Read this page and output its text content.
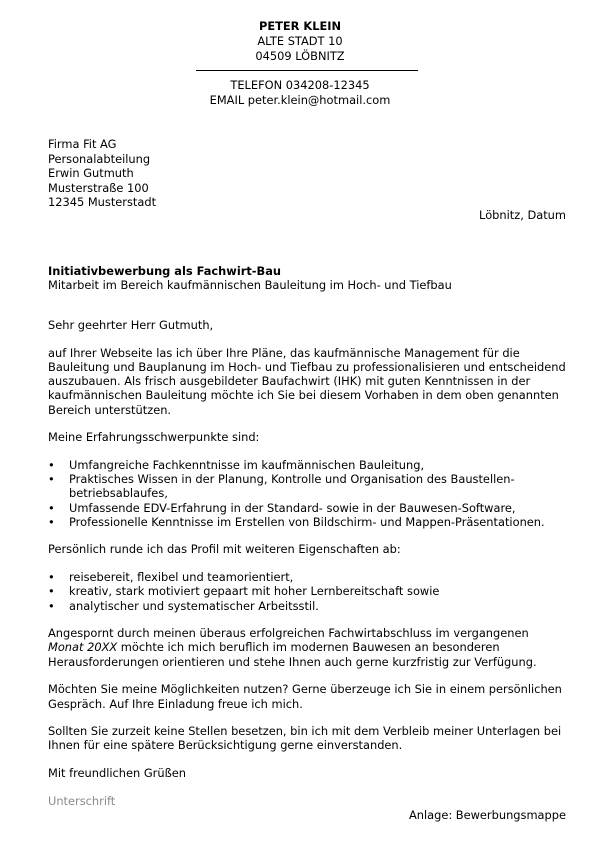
PETER KLEIN
ALTE STADT 10
04509 LÖBNITZ
TELEFON 034208-12345
EMAIL peter.klein@hotmail.com
Firma Fit AG
Personalabteilung
Erwin Gutmuth
Musterstraße 100
12345 Musterstadt
Löbnitz, Datum
Initiativbewerbung als Fachwirt-Bau
Mitarbeit im Bereich kaufmännischen Bauleitung im Hoch- und Tiefbau

Sehr geehrter Herr Gutmuth,

auf Ihrer Webseite las ich über Ihre Pläne, das kaufmännische Management für die Bauleitung und Bauplanung im Hoch- und Tiefbau zu professionalisieren und entscheidend auszubauen. Als frisch ausgebildeter Baufachwirt (IHK) mit guten Kenntnissen in der kaufmännischen Bauleitung möchte ich Sie bei diesem Vorhaben in dem oben genannten Bereich unterstützen.

Meine Erfahrungsschwerpunkte sind:

• Umfangreiche Fachkenntnisse im kaufmännischen Bauleitung,
• Praktisches Wissen in der Planung, Kontrolle und Organisation des Baustellen-betriebsablaufes,
• Umfassende EDV-Erfahrung in der Standard- sowie in der Bauwesen-Software,
• Professionelle Kenntnisse im Erstellen von Bildschirm- und Mappen-Präsentationen.

Persönlich runde ich das Profil mit weiteren Eigenschaften ab:

• reisebereit, flexibel und teamorientiert,
• kreativ, stark motiviert gepaart mit hoher Lernbereitschaft sowie
• analytischer und systematischer Arbeitsstil.

Angespornt durch meinen überaus erfolgreichen Fachwirtabschluss im vergangenen
Monat 20XX möchte ich mich beruflich im modernen Bauwesen an besonderen Herausforderungen orientieren und stehe Ihnen auch gerne kurzfristig zur Verfügung.

Möchten Sie meine Möglichkeiten nutzen? Gerne überzeuge ich Sie in einem persönlichen Gespräch. Auf Ihre Einladung freue ich mich.

Sollten Sie zurzeit keine Stellen besetzen, bin ich mit dem Verbleib meiner Unterlagen bei Ihnen für eine spätere Berücksichtigung gerne einverstanden.

Mit freundlichen Grüßen

Unterschrift

Anlage: Bewerbungsmappe
